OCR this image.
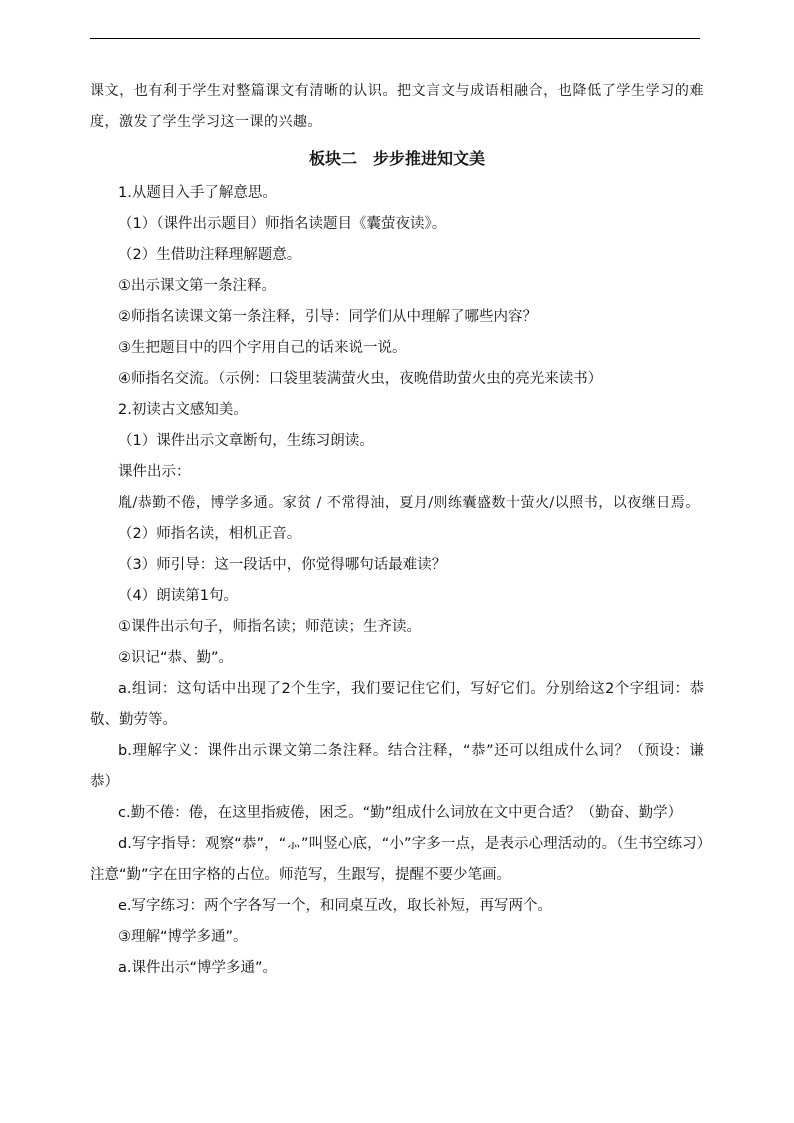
课文，也有利于学生对整篇课文有清晰的认识。把文言文与成语相融合，也降低了学生学习的难度，激发了学生学习这一课的兴趣。

板块二　步步推进知文美

1.从题目入手了解意思。

（1）（课件出示题目）师指名读题目《囊萤夜读》。

（2）生借助注释理解题意。

①出示课文第一条注释。

②师指名读课文第一条注释，引导：同学们从中理解了哪些内容？

③生把题目中的四个字用自己的话来说一说。

④师指名交流。（示例：口袋里装满萤火虫，夜晚借助萤火虫的亮光来读书）

2.初读古文感知美。

（1）课件出示文章断句，生练习朗读。

课件出示：

胤/恭勤不倦，博学多通。家贫 / 不常得油，夏月/则练囊盛数十萤火/以照书，以夜继日焉。

（2）师指名读，相机正音。

（3）师引导：这一段话中，你觉得哪句话最难读？

（4）朗读第1句。

①课件出示句子，师指名读；师范读；生齐读。

②识记“恭、勤”。

a.组词：这句话中出现了2个生字，我们要记住它们，写好它们。分别给这2个字组词：恭敬、勤劳等。

b.理解字义：课件出示课文第二条注释。结合注释，“恭”还可以组成什么词？（预设：谦恭）

c.勤不倦：倦，在这里指疲倦，困乏。“勤”组成什么词放在文中更合适？（勤奋、勤学）

d.写字指导：观察“恭”，“⺗”叫竖心底，“小”字多一点，是表示心理活动的。（生书空练习）注意“勤”字在田字格的占位。师范写，生跟写，提醒不要少笔画。

e.写字练习：两个字各写一个，和同桌互改，取长补短，再写两个。

③理解“博学多通”。

a.课件出示“博学多通”。
